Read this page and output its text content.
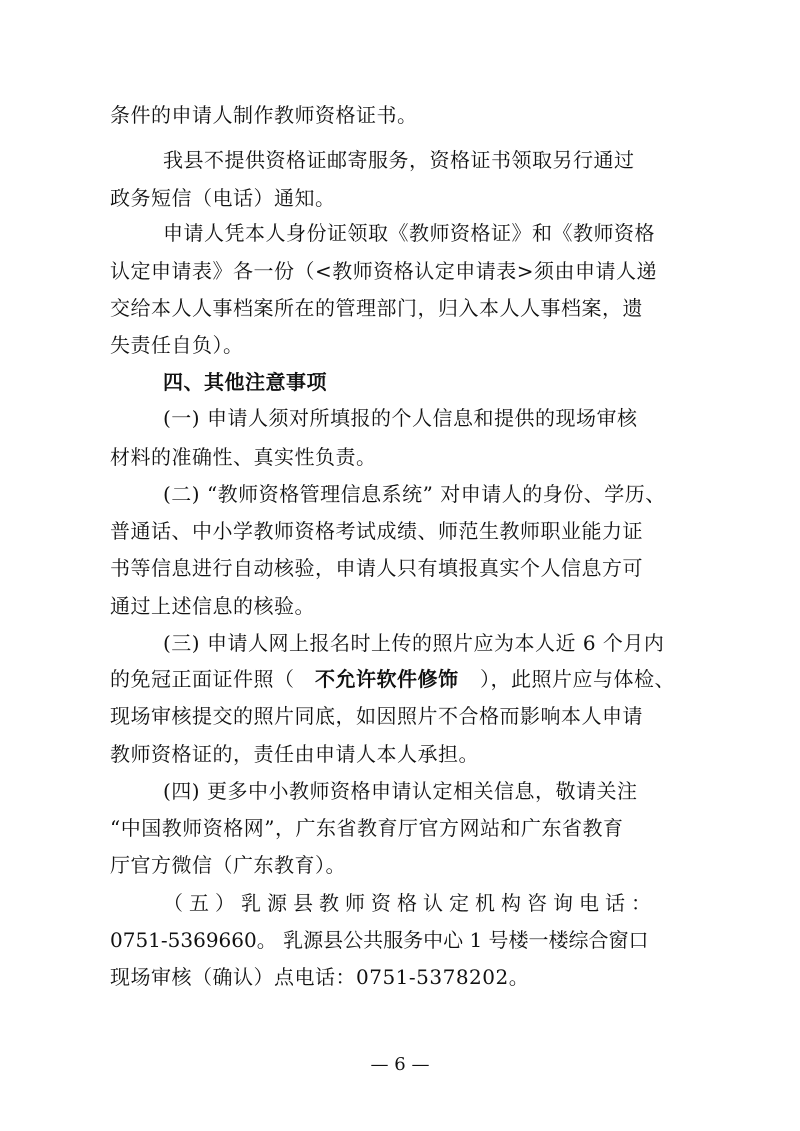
条件的申请人制作教师资格证书。

我县不提供资格证邮寄服务，资格证书领取另行通过

政务短信（电话）通知。

申请人凭本人身份证领取《教师资格证》和《教师资格

认定申请表》各一份（<教师资格认定申请表>须由申请人递

交给本人人事档案所在的管理部门，归入本人人事档案，遗

失责任自负）。

四、其他注意事项

(一) 申请人须对所填报的个人信息和提供的现场审核

材料的准确性、真实性负责。

(二) “教师资格管理信息系统” 对申请人的身份、学历、

普通话、中小学教师资格考试成绩、师范生教师职业能力证

书等信息进行自动核验，申请人只有填报真实个人信息方可

通过上述信息的核验。

(三) 申请人网上报名时上传的照片应为本人近 6 个月内

的免冠正面证件照（

不允许软件修饰

），此照片应与体检、

现场审核提交的照片同底，如因照片不合格而影响本人申请

教师资格证的，责任由申请人本人承担。

(四) 更多中小教师资格申请认定相关信息，敬请关注

“中国教师资格网”，广东省教育厅官方网站和广东省教育

厅官方微信（广东教育）。

（五）乳源县教师资格认定机构咨询电话：

0751-5369660。 乳源县公共服务中心 1 号楼一楼综合窗口

现场审核（确认）点电话：0751-5378202。

— 6 —
